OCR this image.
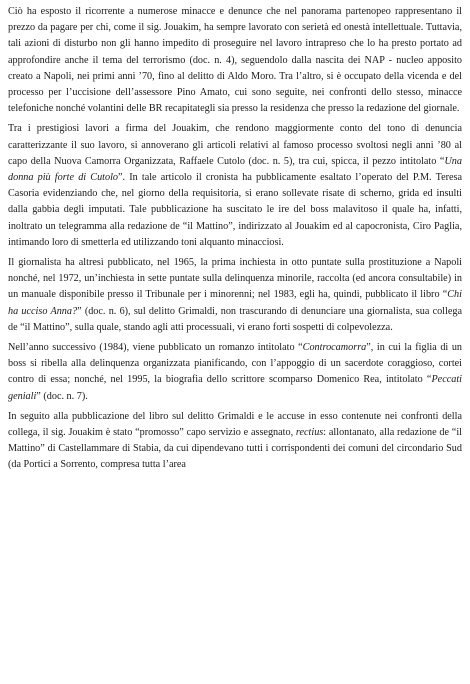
Ciò ha esposto il ricorrente a numerose minacce e denunce che nel panorama partenopeo rappresentano il prezzo da pagare per chi, come il sig. Jouakim, ha sempre lavorato con serietà ed onestà intellettuale. Tuttavia, tali azioni di disturbo non gli hanno impedito di proseguire nel lavoro intrapreso che lo ha presto portato ad approfondire anche il tema del terrorismo (doc. n. 4), seguendolo dalla nascita dei NAP - nucleo apposito creato a Napoli, nei primi anni ’70, fino al delitto di Aldo Moro. Tra l’altro, si è occupato della vicenda e del processo per l’uccisione dell’assessore Pino Amato, cui sono seguite, nei confronti dello stesso, minacce telefoniche nonché volantini delle BR recapitategli sia presso la residenza che presso la redazione del giornale.

Tra i prestigiosi lavori a firma del Jouakim, che rendono maggiormente conto del tono di denuncia caratterizzante il suo lavoro, si annoverano gli articoli relativi al famoso processo svoltosi negli anni ’80 al capo della Nuova Camorra Organizzata, Raffaele Cutolo (doc. n. 5), tra cui, spicca, il pezzo intitolato “Una donna più forte di Cutolo”. In tale articolo il cronista ha pubblicamente esaltato l’operato del P.M. Teresa Casoria evidenziando che, nel giorno della requisitoria, si erano sollevate risate di scherno, grida ed insulti dalla gabbia degli imputati. Tale pubblicazione ha suscitato le ire del boss malavitoso il quale ha, infatti, inoltrato un telegramma alla redazione de “il Mattino”, indirizzato al Jouakim ed al capocronista, Ciro Paglia, intimando loro di smetterla ed utilizzando toni alquanto minacciosi.

Il giornalista ha altresì pubblicato, nel 1965, la prima inchiesta in otto puntate sulla prostituzione a Napoli nonché, nel 1972, un’inchiesta in sette puntate sulla delinquenza minorile, raccolta (ed ancora consultabile) in un manuale disponibile presso il Tribunale per i minorenni; nel 1983, egli ha, quindi, pubblicato il libro “Chi ha ucciso Anna?” (doc. n. 6), sul delitto Grimaldi, non trascurando di denunciare una giornalista, sua collega de “il Mattino”, sulla quale, stando agli atti processuali, vi erano forti sospetti di colpevolezza.

Nell’anno successivo (1984), viene pubblicato un romanzo intitolato “Controcamorra”, in cui la figlia di un boss si ribella alla delinquenza organizzata pianificando, con l’appoggio di un sacerdote coraggioso, cortei contro di essa; nonché, nel 1995, la biografia dello scrittore scomparso Domenico Rea, intitolato “Peccati geniali” (doc. n. 7).

In seguito alla pubblicazione del libro sul delitto Grimaldi e le accuse in esso contenute nei confronti della collega, il sig. Jouakim è stato “promosso” capo servizio e assegnato, rectius: allontanato, alla redazione de “il Mattino” di Castellammare di Stabia, da cui dipendevano tutti i corrispondenti dei comuni del circondario Sud (da Portici a Sorrento, compresa tutta l’area
